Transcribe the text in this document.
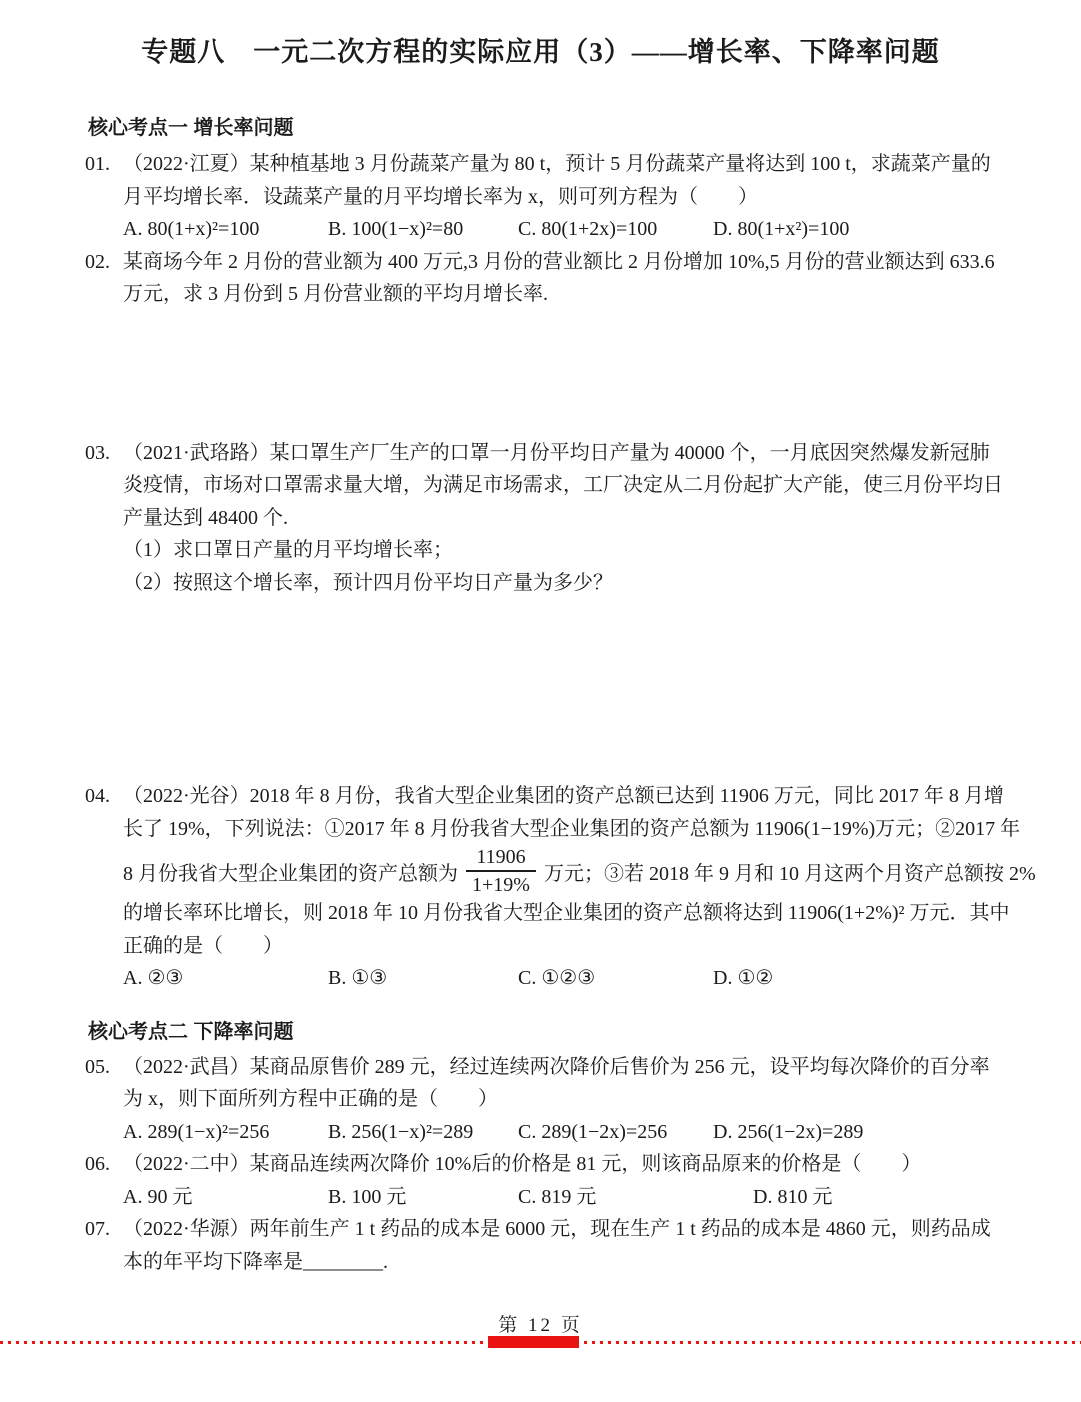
专题八　一元二次方程的实际应用（3）——增长率、下降率问题
核心考点一 增长率问题
01. （2022·江夏）某种植基地 3 月份蔬菜产量为 80 t，预计 5 月份蔬菜产量将达到 100 t，求蔬菜产量的
月平均增长率．设蔬菜产量的月平均增长率为 x，则可列方程为（　　）
A. 80(1+x)²=100	B. 100(1−x)²=80	C. 80(1+2x)=100	D. 80(1+x²)=100
02. 某商场今年 2 月份的营业额为 400 万元,3 月份的营业额比 2 月份增加 10%,5 月份的营业额达到 633.6
万元，求 3 月份到 5 月份营业额的平均月增长率.
03. （2021·武珞路）某口罩生产厂生产的口罩一月份平均日产量为 40000 个，一月底因突然爆发新冠肺
炎疫情，市场对口罩需求量大增，为满足市场需求，工厂决定从二月份起扩大产能，使三月份平均日
产量达到 48400 个.
（1）求口罩日产量的月平均增长率；
（2）按照这个增长率，预计四月份平均日产量为多少？
04. （2022·光谷）2018 年 8 月份，我省大型企业集团的资产总额已达到 11906 万元，同比 2017 年 8 月增
长了 19%，下列说法：①2017 年 8 月份我省大型企业集团的资产总额为 11906(1−19%)万元；②2017 年
8 月份我省大型企业集团的资产总额为 $\frac{11906}{1+19\%}$ 万元；③若 2018 年 9 月和 10 月这两个月资产总额按 2%
的增长率环比增长，则 2018 年 10 月份我省大型企业集团的资产总额将达到 11906(1+2%)² 万元．其中
正确的是（　　）
A. ②③	B. ①③	C. ①②③	D. ①②
核心考点二 下降率问题
05. （2022·武昌）某商品原售价 289 元，经过连续两次降价后售价为 256 元，设平均每次降价的百分率
为 x，则下面所列方程中正确的是（　　）
A. 289(1−x)²=256	B. 256(1−x)²=289	C. 289(1−2x)=256	D. 256(1−2x)=289
06. （2022·二中）某商品连续两次降价 10%后的价格是 81 元，则该商品原来的价格是（　　）
A. 90 元	B. 100 元	C. 819 元	D. 810 元
07. （2022·华源）两年前生产 1 t 药品的成本是 6000 元，现在生产 1 t 药品的成本是 4860 元，则药品成
本的年平均下降率是________.
第 12 页
